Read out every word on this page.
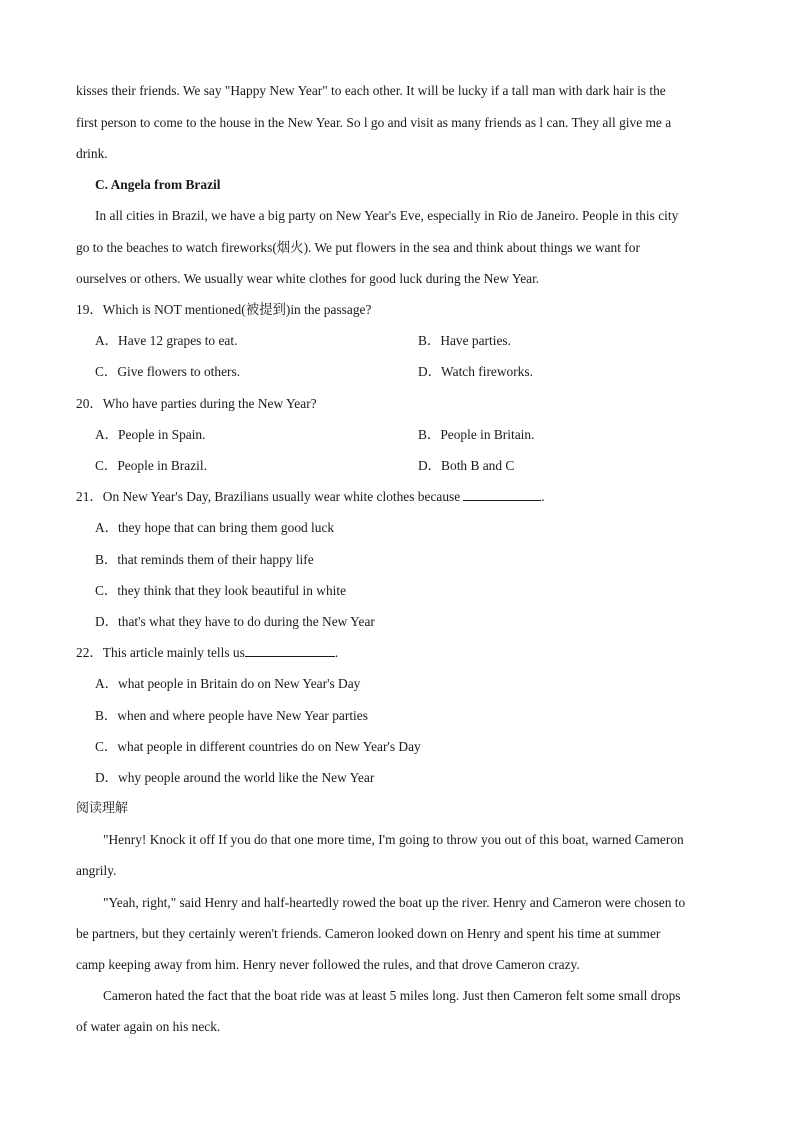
kisses their friends. We say "Happy New Year" to each other. It will be lucky if a tall man with dark hair is the
first person to come to the house in the New Year. So l go and visit as many friends as l can. They all give me a
drink.
C. Angela from Brazil
In all cities in Brazil, we have a big party on New Year's Eve, especially in Rio de Janeiro. People in this city
go to the beaches to watch fireworks(烟火). We put flowers in the sea and think about things we want for
ourselves or others. We usually wear white clothes for good luck during the New Year.
19．Which is NOT mentioned(被提到)in the passage?
A．Have 12 grapes to eat.	B．Have parties.
C．Give flowers to others.	D．Watch fireworks.
20．Who have parties during the New Year?
A．People in Spain.	B．People in Britain.
C．People in Brazil.	D．Both B and C
21．On New Year's Day, Brazilians usually wear white clothes because	.
A．they hope that can bring them good luck
B．that reminds them of their happy life
C．they think that they look beautiful in white
D．that's what they have to do during the New Year
22．This article mainly tells us	.
A．what people in Britain do on New Year's Day
B．when and where people have New Year parties
C．what people in different countries do on New Year's Day
D．why people around the world like the New Year
阅读理解
"Henry! Knock it off If you do that one more time, I'm going to throw you out of this boat, warned Cameron
angrily.
"Yeah, right," said Henry and half-heartedly rowed the boat up the river. Henry and Cameron were chosen to
be partners, but they certainly weren't friends. Cameron looked down on Henry and spent his time at summer
camp keeping away from him. Henry never followed the rules, and that drove Cameron crazy.
Cameron hated the fact that the boat ride was at least 5 miles long. Just then Cameron felt some small drops
of water again on his neck.
